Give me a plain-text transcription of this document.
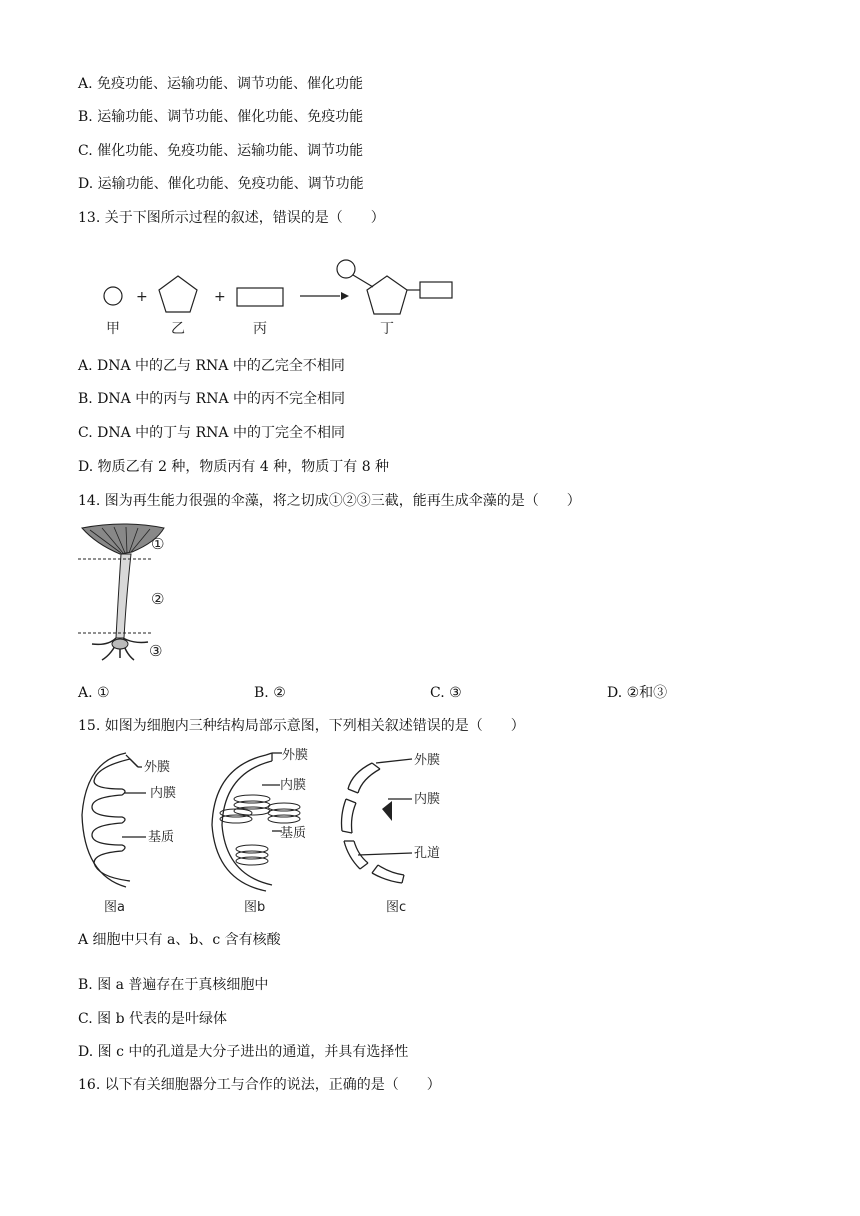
A. 免疫功能、运输功能、调节功能、催化功能
B. 运输功能、调节功能、催化功能、免疫功能
C. 催化功能、免疫功能、运输功能、调节功能
D. 运输功能、催化功能、免疫功能、调节功能
13. 关于下图所示过程的叙述，错误的是（　　）
+	+
甲	乙	丙	丁
A. DNA 中的乙与 RNA 中的乙完全不相同
B. DNA 中的丙与 RNA 中的丙不完全相同
C. DNA 中的丁与 RNA 中的丁完全不相同
D. 物质乙有 2 种，物质丙有 4 种，物质丁有 8 种
14. 图为再生能力很强的伞藻，将之切成①②③三截，能再生成伞藻的是（　　）
①
②
③
A. ①	B. ②	C. ③	D. ②和③
15. 如图为细胞内三种结构局部示意图，下列相关叙述错误的是（　　）
外膜
内膜
基质
图a
外膜
内膜
基质
图b
外膜
内膜
孔道
图c
A 细胞中只有 a、b、c 含有核酸
B. 图 a 普遍存在于真核细胞中
C. 图 b 代表的是叶绿体
D. 图 c 中的孔道是大分子进出的通道，并具有选择性
16. 以下有关细胞器分工与合作的说法，正确的是（　　）
